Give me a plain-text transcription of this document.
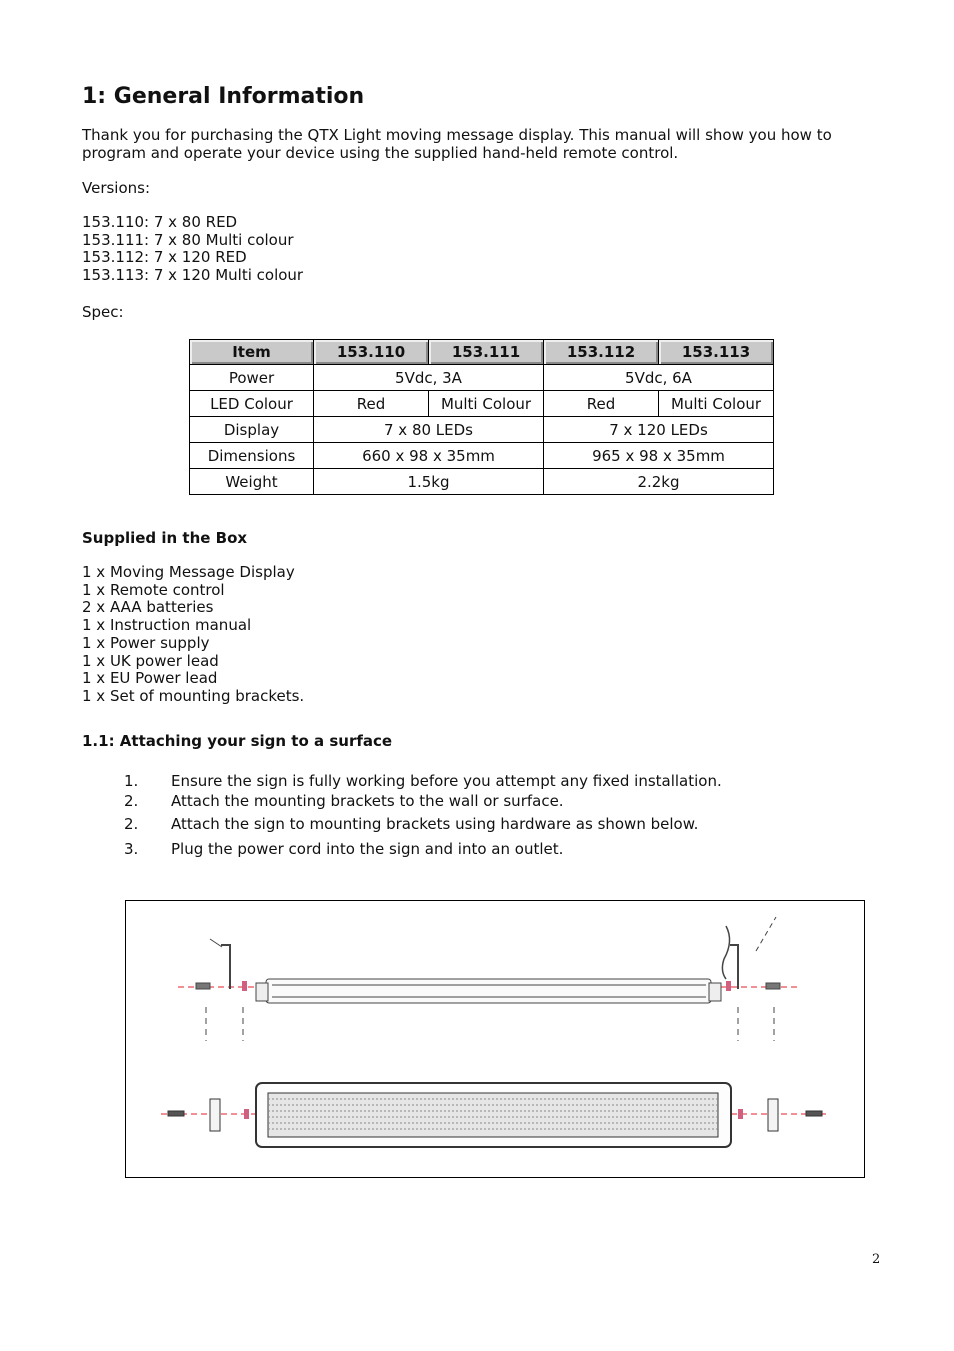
1: General Information
Thank you for purchasing the QTX Light moving message display. This manual will show you how to
program and operate your device using the supplied hand-held remote control.
Versions:
153.110: 7 x 80 RED
153.111: 7 x 80 Multi colour
153.112: 7 x 120 RED
153.113: 7 x 120 Multi colour
Spec:
Item	153.110	153.111	153.112	153.113
Power	5Vdc, 3A		5Vdc, 6A	
LED Colour	Red	Multi Colour	Red	Multi Colour
Display	7 x 80 LEDs		7 x 120 LEDs	
Dimensions	660 x 98 x 35mm		965 x 98 x 35mm	
Weight	1.5kg		2.2kg	
Supplied in the Box
1 x Moving Message Display
1 x Remote control
2 x AAA batteries
1 x Instruction manual
1 x Power supply
1 x UK power lead
1 x EU Power lead
1 x Set of mounting brackets.
1.1: Attaching your sign to a surface
1. Ensure the sign is fully working before you attempt any fixed installation.
2. Attach the mounting brackets to the wall or surface.
2. Attach the sign to mounting brackets using hardware as shown below.
3. Plug the power cord into the sign and into an outlet.
2
